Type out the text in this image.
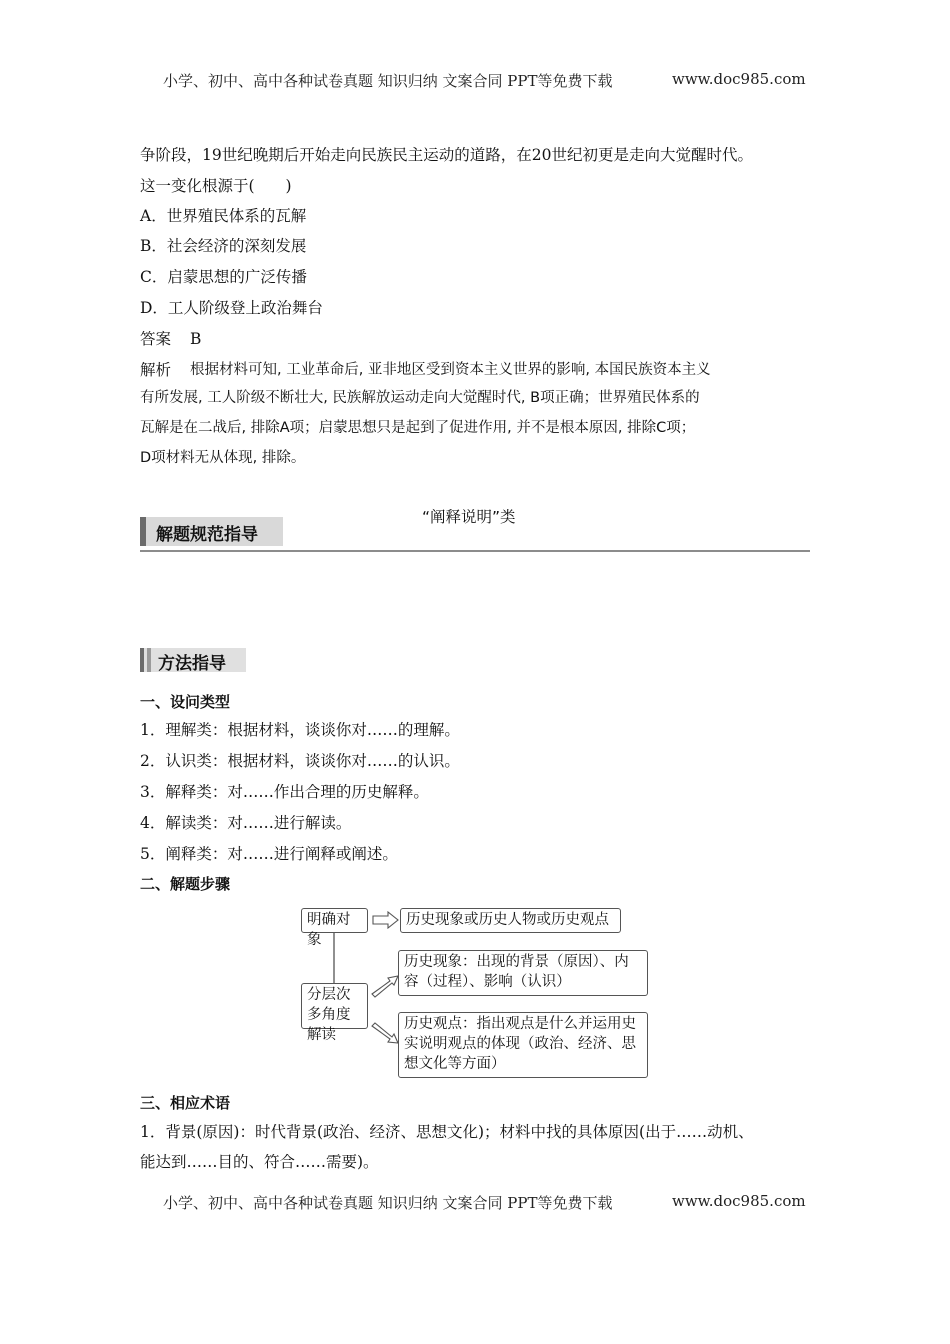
小学、初中、高中各种试卷真题 知识归纳 文案合同 PPT等免费下载	www.doc985.com
争阶段，19世纪晚期后开始走向民族民主运动的道路，在20世纪初更是走向大觉醒时代。
这一变化根源于(　　)
A．世界殖民体系的瓦解
B．社会经济的深刻发展
C．启蒙思想的广泛传播
D．工人阶级登上政治舞台
答案 B
解析 根据材料可知, 工业革命后, 亚非地区受到资本主义世界的影响, 本国民族资本主义
有所发展, 工人阶级不断壮大, 民族解放运动走向大觉醒时代, B项正确；世界殖民体系的
瓦解是在二战后, 排除A项；启蒙思想只是起到了促进作用, 并不是根本原因, 排除C项；
D项材料无从体现, 排除。
“阐释说明”类
解题规范指导
方法指导
一、设问类型
1．理解类：根据材料，谈谈你对……的理解。
2．认识类：根据材料，谈谈你对……的认识。
3．解释类：对……作出合理的历史解释。
4．解读类：对……进行解读。
5．阐释类：对……进行阐释或阐述。
二、解题步骤
明确对象
历史现象或历史人物或历史观点
分层次多角度解读
历史现象：出现的背景（原因）、内容（过程）、影响（认识）
历史观点：指出观点是什么并运用史实说明观点的体现（政治、经济、思想文化等方面）
三、相应术语
1．背景(原因)：时代背景(政治、经济、思想文化)；材料中找的具体原因(出于……动机、
能达到……目的、符合……需要)。
小学、初中、高中各种试卷真题 知识归纳 文案合同 PPT等免费下载	www.doc985.com
